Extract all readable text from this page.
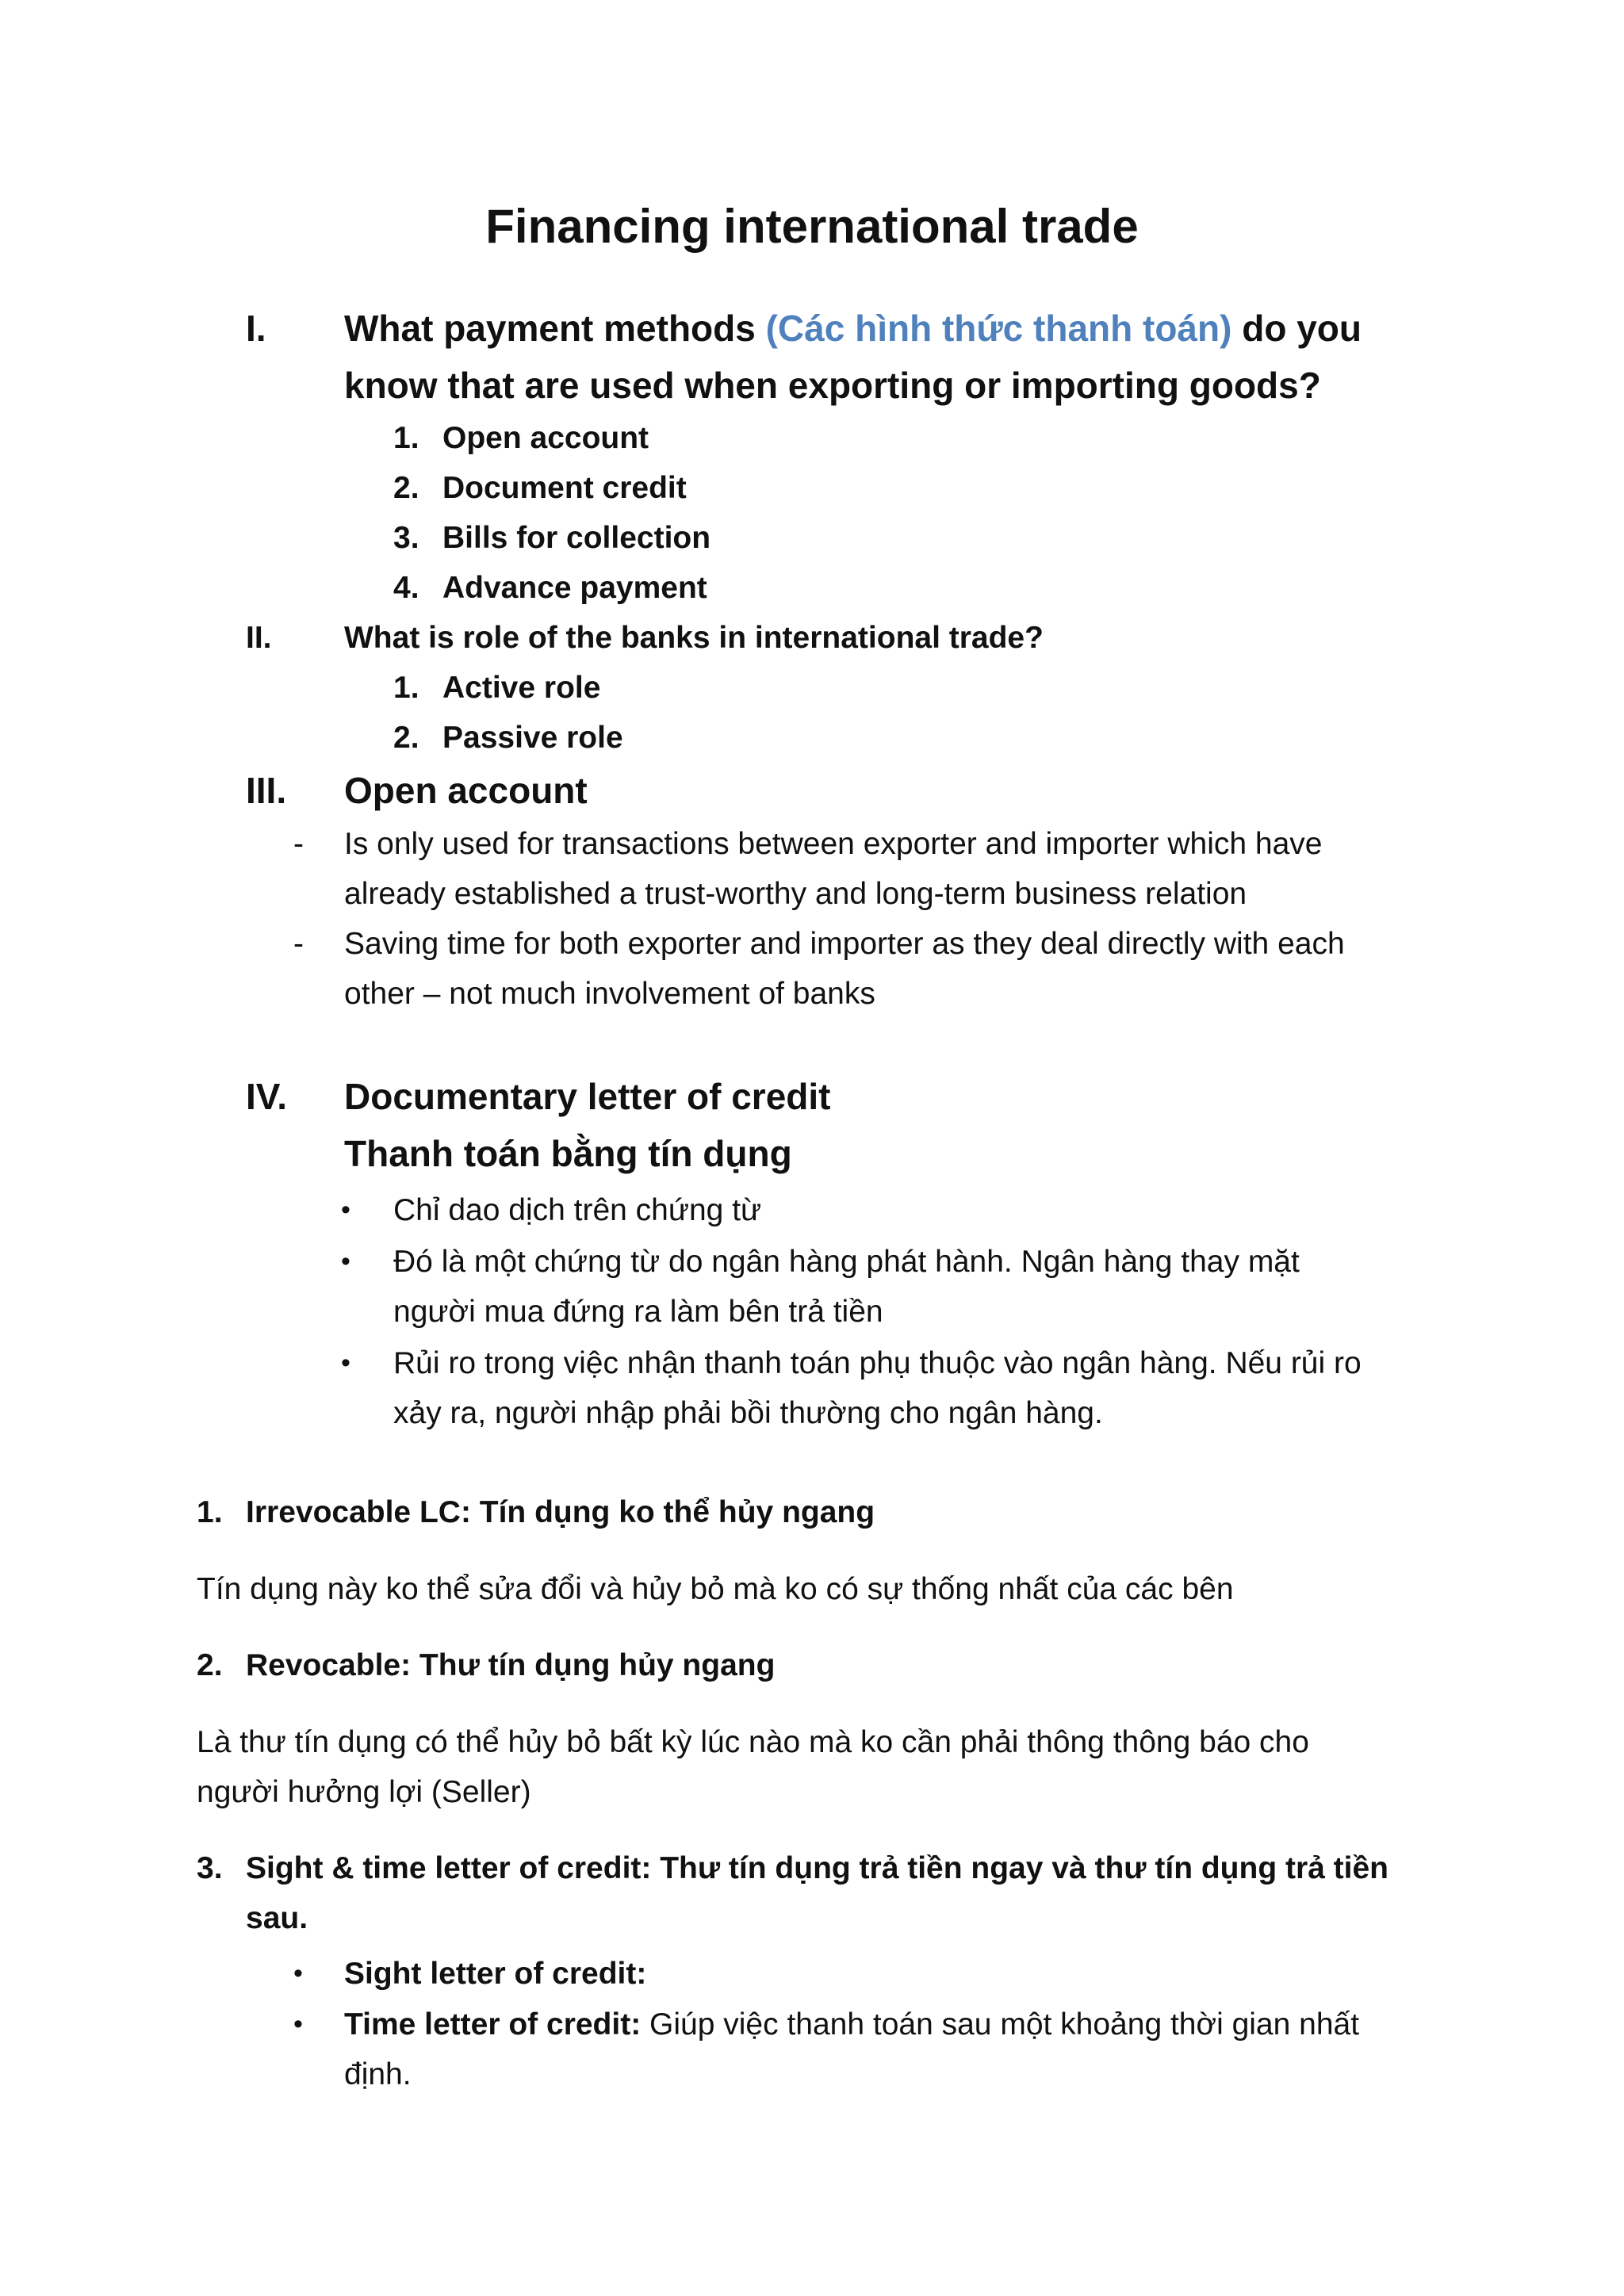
Financing international trade
I. What payment methods (Các hình thức thanh toán) do you
know that are used when exporting or importing goods?
1. Open account
2. Document credit
3. Bills for collection
4. Advance payment
II. What is role of the banks in international trade?
1. Active role
2. Passive role
III. Open account
- Is only used for transactions between exporter and importer which have
already established a trust-worthy and long-term business relation
- Saving time for both exporter and importer as they deal directly with each
other – not much involvement of banks
IV. Documentary letter of credit
Thanh toán bằng tín dụng
• Chỉ dao dịch trên chứng từ
• Đó là một chứng từ do ngân hàng phát hành. Ngân hàng thay mặt
người mua đứng ra làm bên trả tiền
• Rủi ro trong việc nhận thanh toán phụ thuộc vào ngân hàng. Nếu rủi ro
xảy ra, người nhập phải bồi thường cho ngân hàng.
1. Irrevocable LC: Tín dụng ko thể hủy ngang
Tín dụng này ko thể sửa đổi và hủy bỏ mà ko có sự thống nhất của các bên
2. Revocable: Thư tín dụng hủy ngang
Là thư tín dụng có thể hủy bỏ bất kỳ lúc nào mà ko cần phải thông thông báo cho
người hưởng lợi (Seller)
3. Sight & time letter of credit: Thư tín dụng trả tiền ngay và thư tín dụng trả tiền
sau.
• Sight letter of credit:
• Time letter of credit: Giúp việc thanh toán sau một khoảng thời gian nhất
định.
